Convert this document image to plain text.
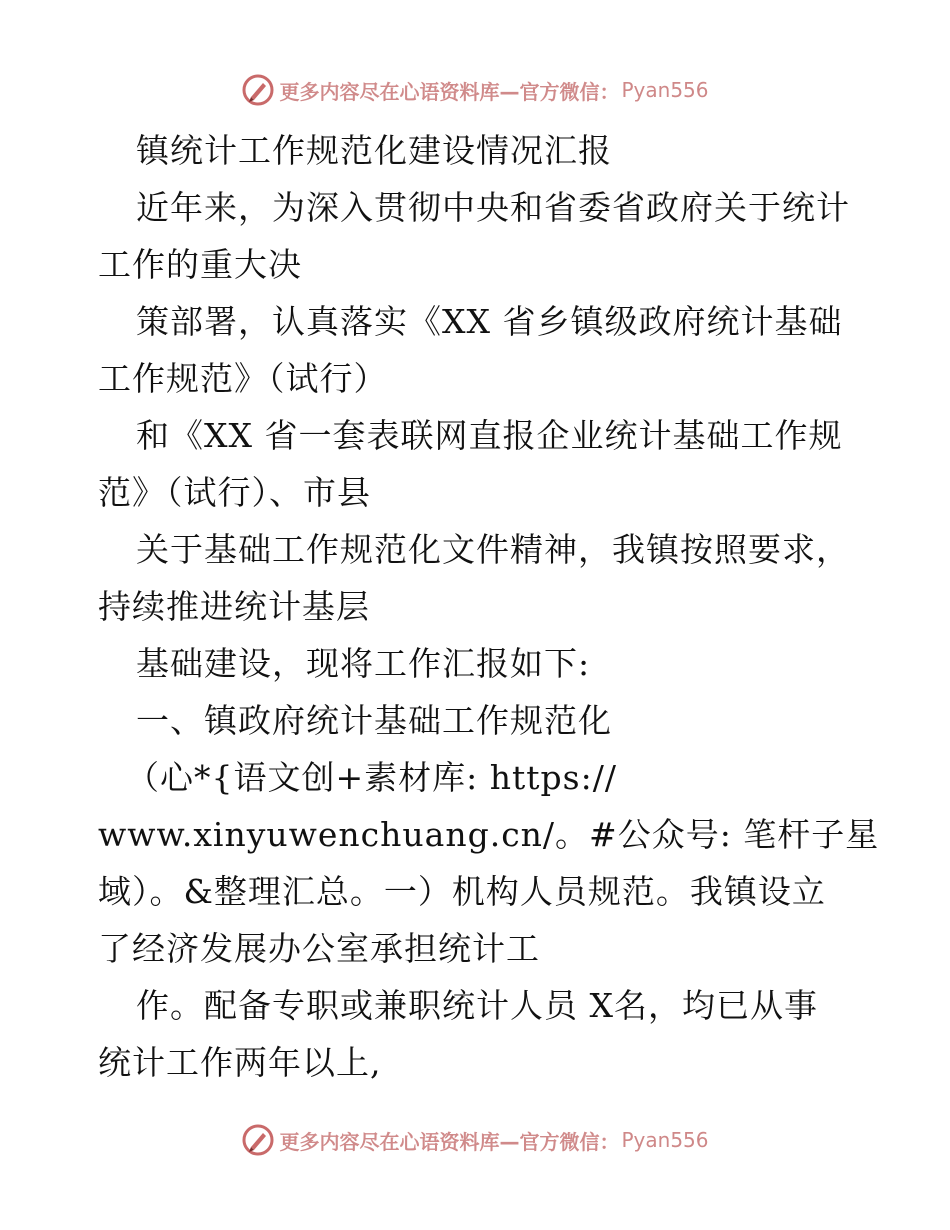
更多内容尽在心语资料库—官方微信： Pyan556
镇统计工作规范化建设情况汇报
近年来，为深入贯彻中央和省委省政府关于统计
工作的重大决
策部署，认真落实《XX 省乡镇级政府统计基础
工作规范》（试行）
和《XX 省一套表联网直报企业统计基础工作规
范》（试行）、市县
关于基础工作规范化文件精神，我镇按照要求，
持续推进统计基层
基础建设，现将工作汇报如下:
一、镇政府统计基础工作规范化
（心*{语文创+素材库: https://
www.xinyuwenchuang.cn/。#公众号: 笔杆子星
域）。&整理汇总。一）机构人员规范。我镇设立
了经济发展办公室承担统计工
作。配备专职或兼职统计人员 X名，均已从事
统计工作两年以上,
更多内容尽在心语资料库—官方微信： Pyan556
